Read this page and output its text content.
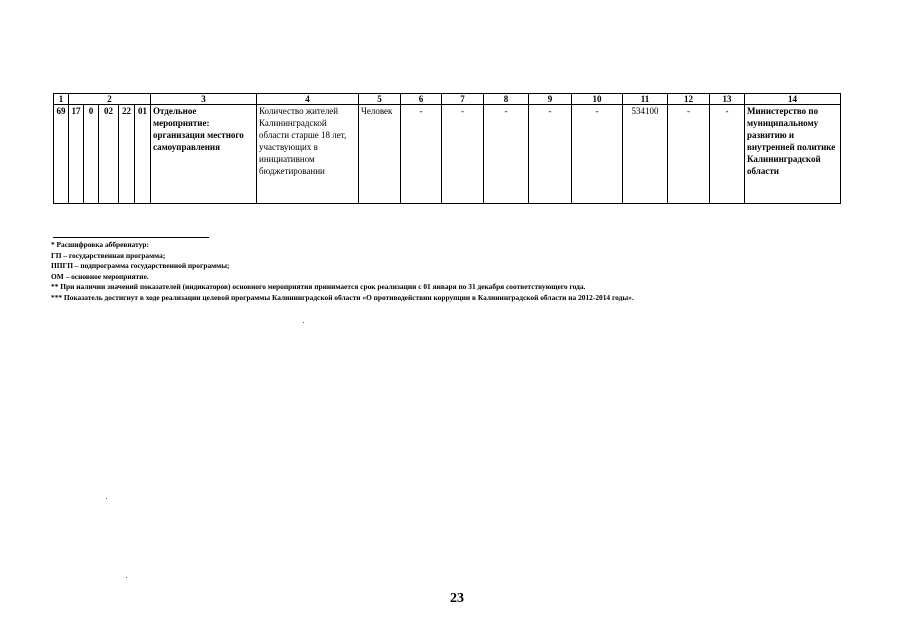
1	2					3	4	5	6	7	8	9	10	11	12	13	14
69	17	0	02	22	01	Отдельное мероприятие: организация местного самоуправления	Количество жителей Калининградской области старше 18 лет, участвующих в инициативном бюджетировании	Человек	-	-	-	-	-	534100	-	-	Министерство по муниципальному развитию и внутренней политике Калининградской области
* Расшифровка аббревиатур:
ГП – государственная программа;
ППГП – подпрограмма государственной программы;
ОМ – основное мероприятие.
** При наличии значений показателей (индикаторов) основного мероприятия принимается срок реализации с 01 января по 31 декабря соответствующего года.
*** Показатель достигнут в ходе реализации целевой программы Калининградской области «О противодействии коррупции в Калининградской области на 2012-2014 годы».
23
